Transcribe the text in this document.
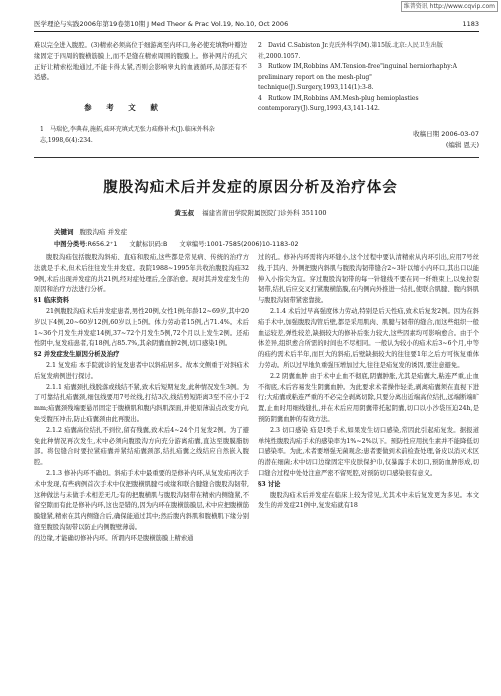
维普资讯 http://www.cqvip.com
医学理论与实践2006年第19卷第10期 J Med Theor & Prac Vol.19, No.10, Oct 2006	1183
难以完全进入腹腔。(3)精索必须高位于细游离至内环口,务必使充填物叶瓣边缘固定于四周的腹横筋膜上,而不是缝在精索周围的腹膜上。修补网片的孔穴正好让精索松地通过,不能卡得太紧,否则会影响睾丸的血液循环,局部还有不适感。
参 考 文 献
1 马瑞伦,李典春,施拓,疝环充填式无张力疝修补术(J).临床外科杂志,1998,6(4):234.
2 David C.Sabiston Jr.克氏外科学(M).第15版.北京:人民卫生出版社,2000.1057.
3 Rutkow IM,Robbins AM.Tension-free"inguinal herniorhaphy:A preliminary report on the mesh-plug" technique(J).Surgery,1993,114(1):3-8.
4 Rutkow IM,Robbins AM.Mesh-plug hemioplasties contemporary(J).Surg,1993,43,141-142.
收稿日期 2006-03-07
(编辑 恩天)
腹股沟疝术后并发症的原因分析及治疗体会
黄玉叔 福建省莆田学院附属医院门诊外科 351100
关键词 腹股沟疝 并发症
中图分类号:R656.2⁺1 文献标识码:B 文章编号:1001-7585(2006)10-1183-02
腹股沟疝包括腹股沟斜疝、直疝和股疝,这些都是常见病、传统的治疗方法就是手术,但术后往往发生并发症。我院1988~1995年共收治腹股沟疝329例,术后出现并发症的共21例,经对症处理后,全部治愈。现对其并发症发生的原因和治疗方法进行分析。
§1 临床资料
21例腹股沟疝术后并发症患者,男性20例,女性1例;年龄12~69岁,其中20岁以下4例,20~60岁12例,60岁以上5例。体力劳动者15例,占71.4%。术后1~36个月发生并发症14例,37~72个月发生5例,72个月以上发生2例。还疝性阴中,复发疝患者,有18例,占85.7%,其余阴囊血肿2例,切口感染1例。
§2 并发症发生原因分析及治疗
2.1 复发疝 本手院就诊的复发患者中以斜疝居多。故本文侧重于对斜疝术后复发病例进行探讨。
2.1.1 疝囊颈扎线脱落或线结不紧,致术后短期复发,此种情况发生3例。为了可靠结扎疝囊颈,细包线要用7号丝线,打结3次,线结剪短距离3至不应小于2mm;疝囊颈残端要悬吊固定于腹横肌和腹内斜肌深面,并使原薄弱点改变方向,免受腹压冲击,防止疝囊颈由此再脱出。
2.1.2 疝囊高位结扎不到位,留有残囊,致术后4~24个月复发2例。为了避免此种情况再次发生,术中必须向腹股沟方向充分游离疝囊,直达至腹膜脂肪部。将包缝合时要拉紧疝囊并紧结疝囊颈部,结扎疝囊之线结应自然嵌入腹腔。
2.1.3 修补内环不确切。斜疝手术中最重要的是修补内环,从复发疝再次手术中发现,有些病例首次手术中仅把腹横肌腱弓或缘和联合腱缝合腹股沟韧带,这种做法与未做手术相差无几;有的把腹横肌与腹股沟韧带在精索内侧缝紧,不留空隙而有此是修补内环,这也是错的,因为内环在腹横筋膜层,术中应把腹横筋膜缝紧,精索在其内侧缝合后,确保能通过其中;然后腹内斜肌和腹横肌下缘分别缝至腹股沟韧带以防止内侧腹壁薄弱。
的边缘,才能确切修补内环。所谓内环是腹横筋膜上精索通
过的孔。修补内环需将内环缝小,这个过程中要认清精索从内环引出,应用7号丝线,于其内、外侧把腹内斜肌与腹股沟韧带缝合2~3针以缩小内环口,其出口以能伸入小指尖为宜。穿过腹股沟韧带的每一针缝线不要在同一纤维束上,以免拉裂韧带,结扎后应交叉打紧腹横筋膜,在内侧向外推进一结扎,使联合肌腱、腹内斜肌与腹股沟韧带紧密靠拢。
2.1.4 术后过早高强度体力劳动,特别是后天性疝,致术后复发2例。因为在斜疝手术中,加强腹股沟管后壁,都是采用肌肉、肌腱与韧带的缝合,而这些组织一般血运较差,弹性较差,缺损较大的修补后张力较大,这些因素均可影响愈合。由于个体差异,组织愈合所需的时间也不尽相同。一般认为较小的疝术后3~6个月,中等的疝约需术后半年,而巨大的斜疝,后壁缺损较大的往往要1年之后方可恢复重体力劳动。所以过早地负重强压增加过大,往往是疝复发的诱因,要注意避免。
2.2 阴囊血肿 由于术中止血不彻底,阴囊肿胀,尤其是疝囊大,粘连严重,止血不彻底,术后容易发生阴囊血肿。为此要求术者操作轻柔,剥离疝囊须在直视下进行;大疝囊或粘连严重的不必完全剥离切除,只要分离出近端高位结扎,远端断端旷置,止血时用细线缝扎,并在术后应用阴囊带托起阴囊,切口以小沙袋压迫24h,是预防阴囊血肿的有效方法。
2.3 切口感染 疝是Ⅰ类手术,如果发生切口感染,常因此引起疝复发。据报道单纯性腹股沟疝手术的感染率为1%~2%以下。预防性应用抗生素并不能降低切口感染率。为此,术者要增强无菌观念;患者要做到术前检查处理,备皮以消灭术区的潜在细菌;术中切口边缘固定牢皮肤保护巾,仅暴露手术切口,预防血肿形成,切口缝合过程中处处注意严密不留死腔,对预防切口感染很有意义。
§3 讨论
腹股沟疝术后并发症在临床上较为常见,尤其术中未后复发更为多见。本文发生的并发症21例中,复发疝就有18
